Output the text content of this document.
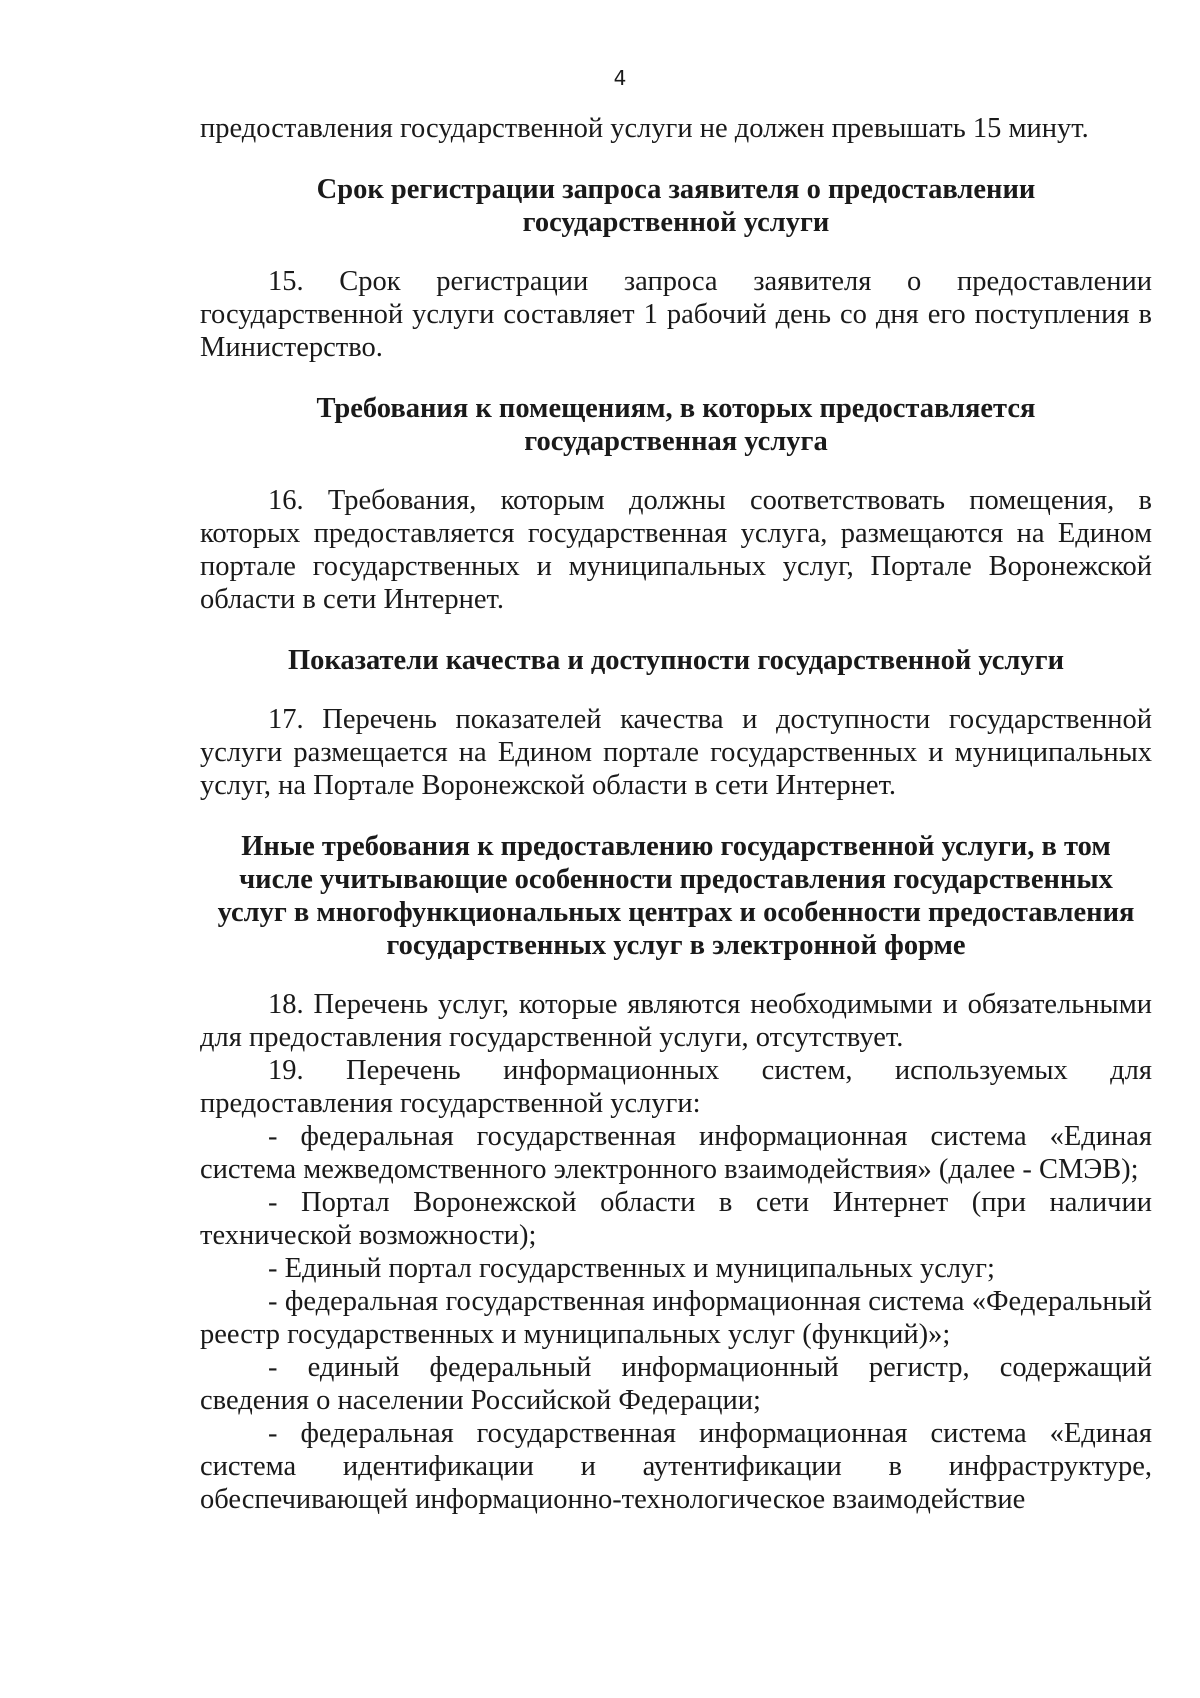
4

предоставления государственной услуги не должен превышать 15 минут.

Срок регистрации запроса заявителя о предоставлении
государственной услуги

15. Срок регистрации запроса заявителя о предоставлении государственной услуги составляет 1 рабочий день со дня его поступления в Министерство.

Требования к помещениям, в которых предоставляется
государственная услуга

16. Требования, которым должны соответствовать помещения, в которых предоставляется государственная услуга, размещаются на Едином портале государственных и муниципальных услуг, Портале Воронежской области в сети Интернет.

Показатели качества и доступности государственной услуги

17. Перечень показателей качества и доступности государственной услуги размещается на Едином портале государственных и муниципальных услуг, на Портале Воронежской области в сети Интернет.

Иные требования к предоставлению государственной услуги, в том
числе учитывающие особенности предоставления государственных
услуг в многофункциональных центрах и особенности предоставления
государственных услуг в электронной форме

18. Перечень услуг, которые являются необходимыми и обязательными для предоставления государственной услуги, отсутствует.

19. Перечень информационных систем, используемых для предоставления государственной услуги:

- федеральная государственная информационная система «Единая система межведомственного электронного взаимодействия» (далее - СМЭВ);

- Портал Воронежской области в сети Интернет (при наличии технической возможности);

- Единый портал государственных и муниципальных услуг;

- федеральная государственная информационная система «Федеральный реестр государственных и муниципальных услуг (функций)»;

- единый федеральный информационный регистр, содержащий сведения о населении Российской Федерации;

- федеральная государственная информационная система «Единая система идентификации и аутентификации в инфраструктуре, обеспечивающей информационно-технологическое взаимодействие
